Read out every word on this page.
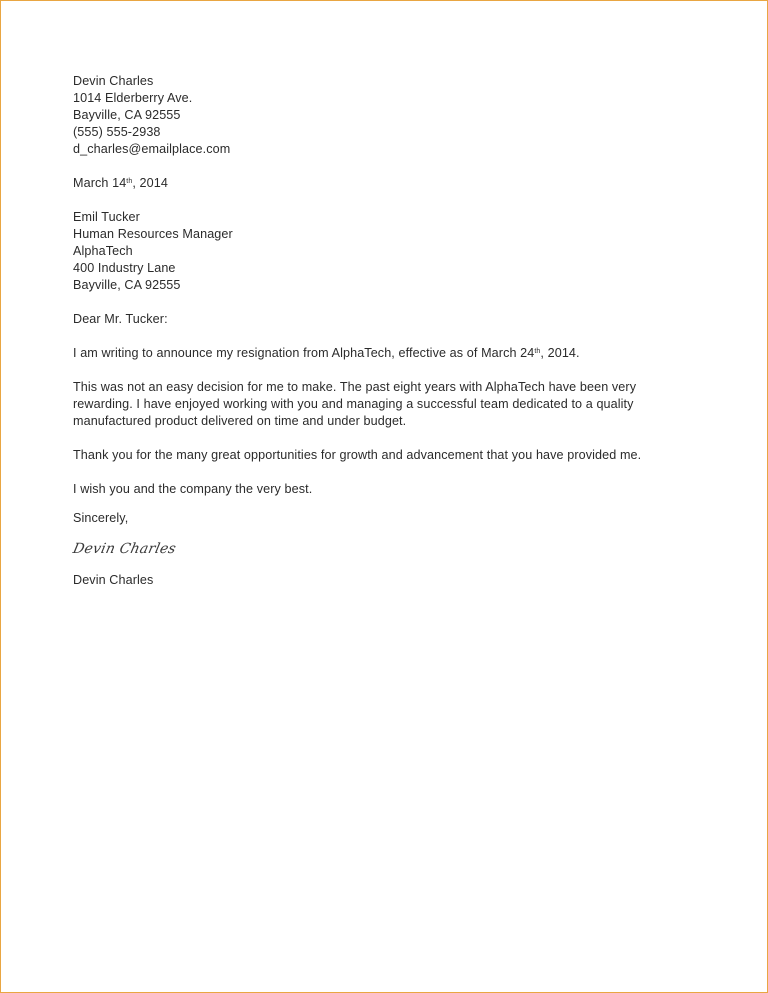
Devin Charles
1014 Elderberry Ave.
Bayville, CA 92555
(555) 555-2938
d_charles@emailplace.com
March 14th, 2014
Emil Tucker
Human Resources Manager
AlphaTech
400 Industry Lane
Bayville, CA 92555
Dear Mr. Tucker:
I am writing to announce my resignation from AlphaTech, effective as of March 24th, 2014.

This was not an easy decision for me to make. The past eight years with AlphaTech have been very rewarding. I have enjoyed working with you and managing a successful team dedicated to a quality manufactured product delivered on time and under budget.

Thank you for the many great opportunities for growth and advancement that you have provided me.
I wish you and the company the very best.
Sincerely,
Devin Charles
Devin Charles
